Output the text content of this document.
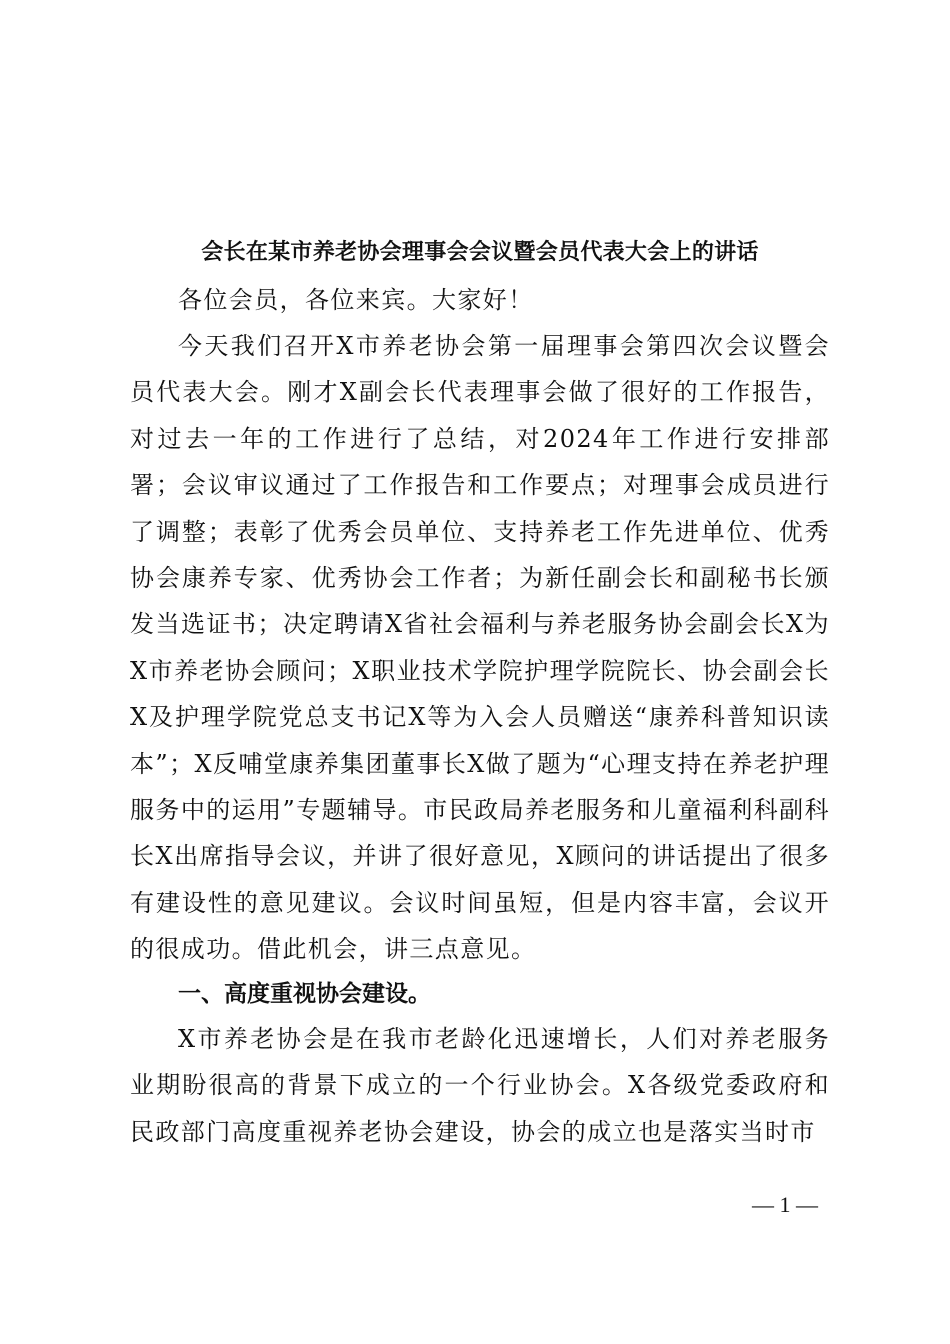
会长在某市养老协会理事会会议暨会员代表大会上的讲话

各位会员，各位来宾。大家好！

今天我们召开X市养老协会第一届理事会第四次会议暨会员代表大会。刚才X副会长代表理事会做了很好的工作报告，对过去一年的工作进行了总结，对2024年工作进行安排部署；会议审议通过了工作报告和工作要点；对理事会成员进行了调整；表彰了优秀会员单位、支持养老工作先进单位、优秀协会康养专家、优秀协会工作者；为新任副会长和副秘书长颁发当选证书；决定聘请X省社会福利与养老服务协会副会长X为X市养老协会顾问；X职业技术学院护理学院院长、协会副会长X及护理学院党总支书记X等为入会人员赠送“康养科普知识读本”；X反哺堂康养集团董事长X做了题为“心理支持在养老护理服务中的运用”专题辅导。市民政局养老服务和儿童福利科副科长X出席指导会议，并讲了很好意见，X顾问的讲话提出了很多有建设性的意见建议。会议时间虽短，但是内容丰富，会议开的很成功。借此机会，讲三点意见。

一、高度重视协会建设。

X市养老协会是在我市老龄化迅速增长，人们对养老服务业期盼很高的背景下成立的一个行业协会。X各级党委政府和民政部门高度重视养老协会建设，协会的成立也是落实当时市

— 1 —
